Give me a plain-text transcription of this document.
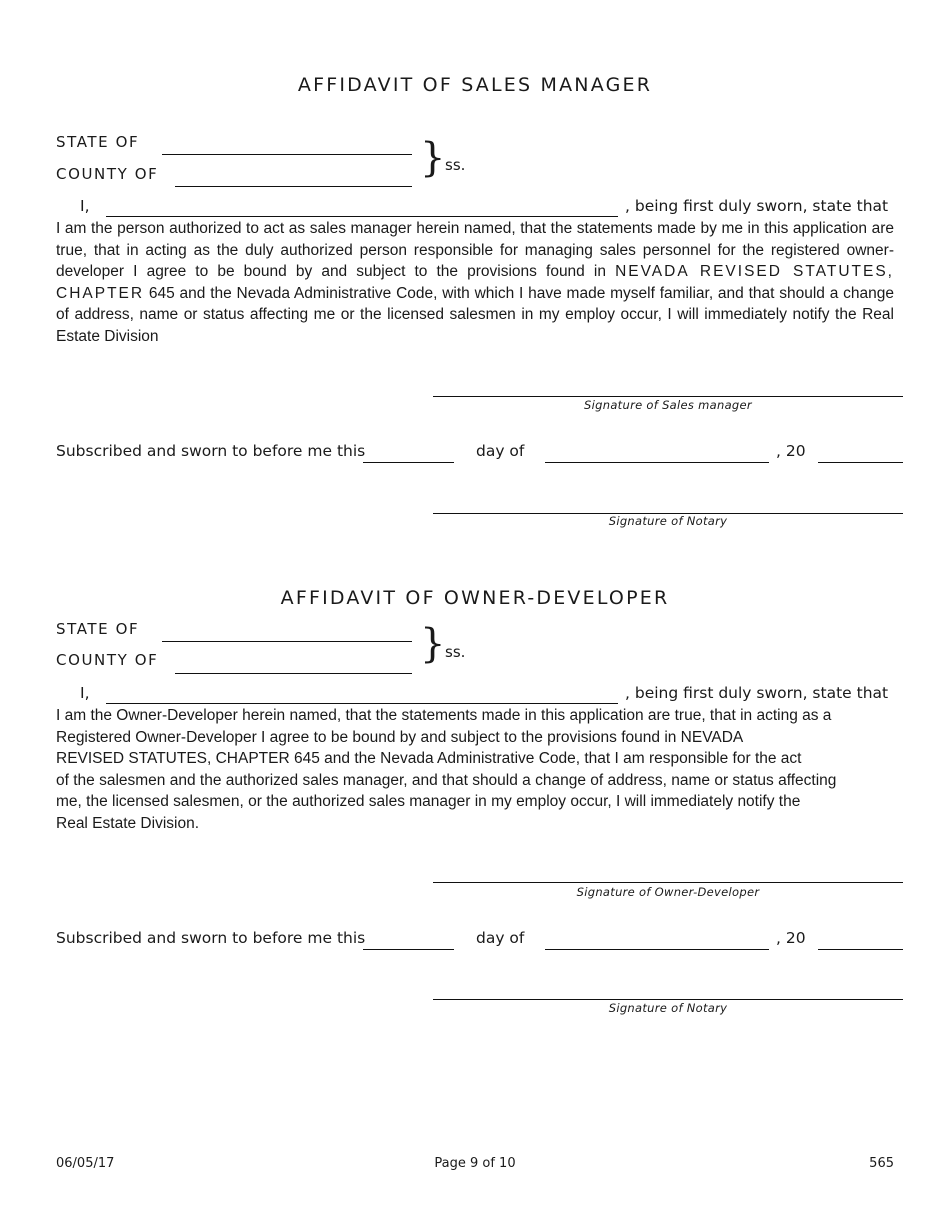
AFFIDAVIT OF SALES MANAGER
STATE OF
COUNTY OF	} ss.
I,	, being first duly sworn, state that
I am the person authorized to act as sales manager herein named, that the statements made by me in this application are true, that in acting as the duly authorized person responsible for managing sales personnel for the registered owner-developer I agree to be bound by and subject to the provisions found in NEVADA REVISED STATUTES, CHAPTER 645 and the Nevada Administrative Code, with which I have made myself familiar, and that should a change of address, name or status affecting me or the licensed salesmen in my employ occur, I will immediately notify the Real Estate Division
Signature of Sales manager
Subscribed and sworn to before me this	day of	, 20
Signature of Notary
AFFIDAVIT OF OWNER-DEVELOPER
STATE OF
COUNTY OF	} ss.
I,	, being first duly sworn, state that
I am the Owner-Developer herein named, that the statements made in this application are true, that in acting as a
Registered Owner-Developer I agree to be bound by and subject to the provisions found in NEVADA
REVISED STATUTES, CHAPTER 645 and the Nevada Administrative Code, that I am responsible for the act
of the salesmen and the authorized sales manager, and that should a change of address, name or status affecting
me, the licensed salesmen, or the authorized sales manager in my employ occur, I will immediately notify the
Real Estate Division.
Signature of Owner-Developer
Subscribed and sworn to before me this	day of	, 20
Signature of Notary
06/05/17	Page 9 of 10	565
